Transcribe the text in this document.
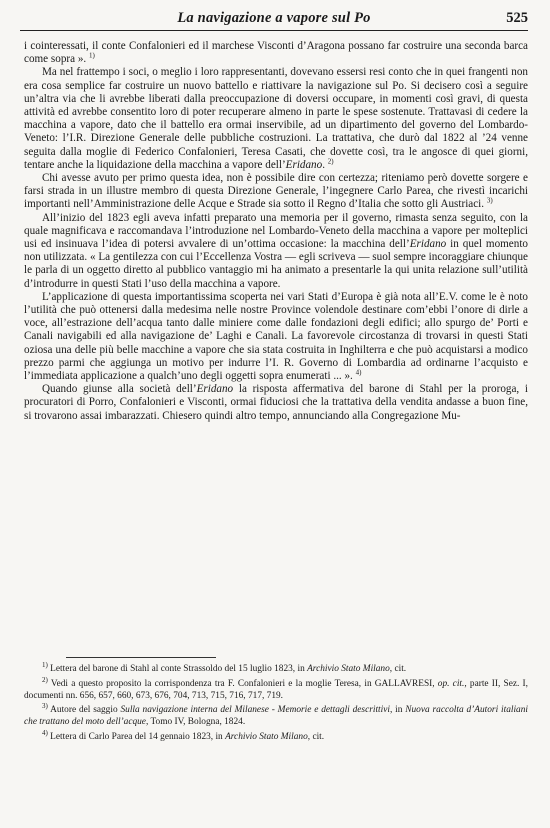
La navigazione a vapore sul Po	525

i cointeressati, il conte Confalonieri ed il marchese Visconti d’Aragona possano far costruire una seconda barca come sopra ». $^{1)}$

Ma nel frattempo i soci, o meglio i loro rappresentanti, dovevano essersi resi conto che in quei frangenti non era cosa semplice far costruire un nuovo battello e riattivare la navigazione sul Po. Si decisero così a seguire un’altra via che li avrebbe liberati dalla preoccupazione di doversi occupare, in momenti così gravi, di questa attività ed avrebbe consentito loro di poter recuperare almeno in parte le spese sostenute. Trattavasi di cedere la macchina a vapore, dato che il battello era ormai inservibile, ad un dipartimento del governo del Lombardo-Veneto: l’I.R. Direzione Generale delle pubbliche costruzioni. La trattativa, che durò dal 1822 al ’24 venne seguita dalla moglie di Federico Confalonieri, Teresa Casati, che dovette così, tra le angosce di quei giorni, tentare anche la liquidazione della macchina a vapore dell’Eridano. $^{2)}$

Chi avesse avuto per primo questa idea, non è possibile dire con certezza; riteniamo però dovette sorgere e farsi strada in un illustre membro di questa Direzione Generale, l’ingegnere Carlo Parea, che rivestì incarichi importanti nell’Amministrazione delle Acque e Strade sia sotto il Regno d’Italia che sotto gli Austriaci. $^{3)}$

All’inizio del 1823 egli aveva infatti preparato una memoria per il governo, rimasta senza seguito, con la quale magnificava e raccomandava l’introduzione nel Lombardo-Veneto della macchina a vapore per molteplici usi ed insinuava l’idea di potersi avvalere di un’ottima occasione: la macchina dell’Eridano in quel momento non utilizzata. « La gentilezza con cui l’Eccellenza Vostra — egli scriveva — suol sempre incoraggiare chiunque le parla di un oggetto diretto al pubblico vantaggio mi ha animato a presentarle la qui unita relazione sull’utilità d’introdurre in questi Stati l’uso della macchina a vapore.

L’applicazione di questa importantissima scoperta nei vari Stati d’Europa è già nota all’E.V. come le è noto l’utilità che può ottenersi dalla medesima nelle nostre Province volendole destinare com’ebbi l’onore di dirle a voce, all’estrazione dell’acqua tanto dalle miniere come dalle fondazioni degli edifici; allo spurgo de’ Porti e Canali navigabili ed alla navigazione de’ Laghi e Canali. La favorevole circostanza di trovarsi in questi Stati oziosa una delle più belle macchine a vapore che sia stata costruita in Inghilterra e che può acquistarsi a modico prezzo parmi che aggiunga un motivo per indurre l’I. R. Governo di Lombardia ad ordinarne l’acquisto e l’immediata applicazione a qualch’uno degli oggetti sopra enumerati ... ». $^{4)}$

Quando giunse alla società dell’Eridano la risposta affermativa del barone di Stahl per la proroga, i procuratori di Porro, Confalonieri e Visconti, ormai fiduciosi che la trattativa della vendita andasse a buon fine, si trovarono assai imbarazzati. Chiesero quindi altro tempo, annunciando alla Congregazione Mu-

$^{1)}$ Lettera del barone di Stahl al conte Strassoldo del 15 luglio 1823, in Archivio Stato Milano, cit.

$^{2)}$ Vedi a questo proposito la corrispondenza tra F. Confalonieri e la moglie Teresa, in GALLAVRESI, op. cit., parte II, Sez. I, documenti nn. 656, 657, 660, 673, 676, 704, 713, 715, 716, 717, 719.

$^{3)}$ Autore del saggio Sulla navigazione interna del Milanese - Memorie e dettagli descrittivi, in Nuova raccolta d’Autori italiani che trattano del moto dell’acque, Tomo IV, Bologna, 1824.

$^{4)}$ Lettera di Carlo Parea del 14 gennaio 1823, in Archivio Stato Milano, cit.
